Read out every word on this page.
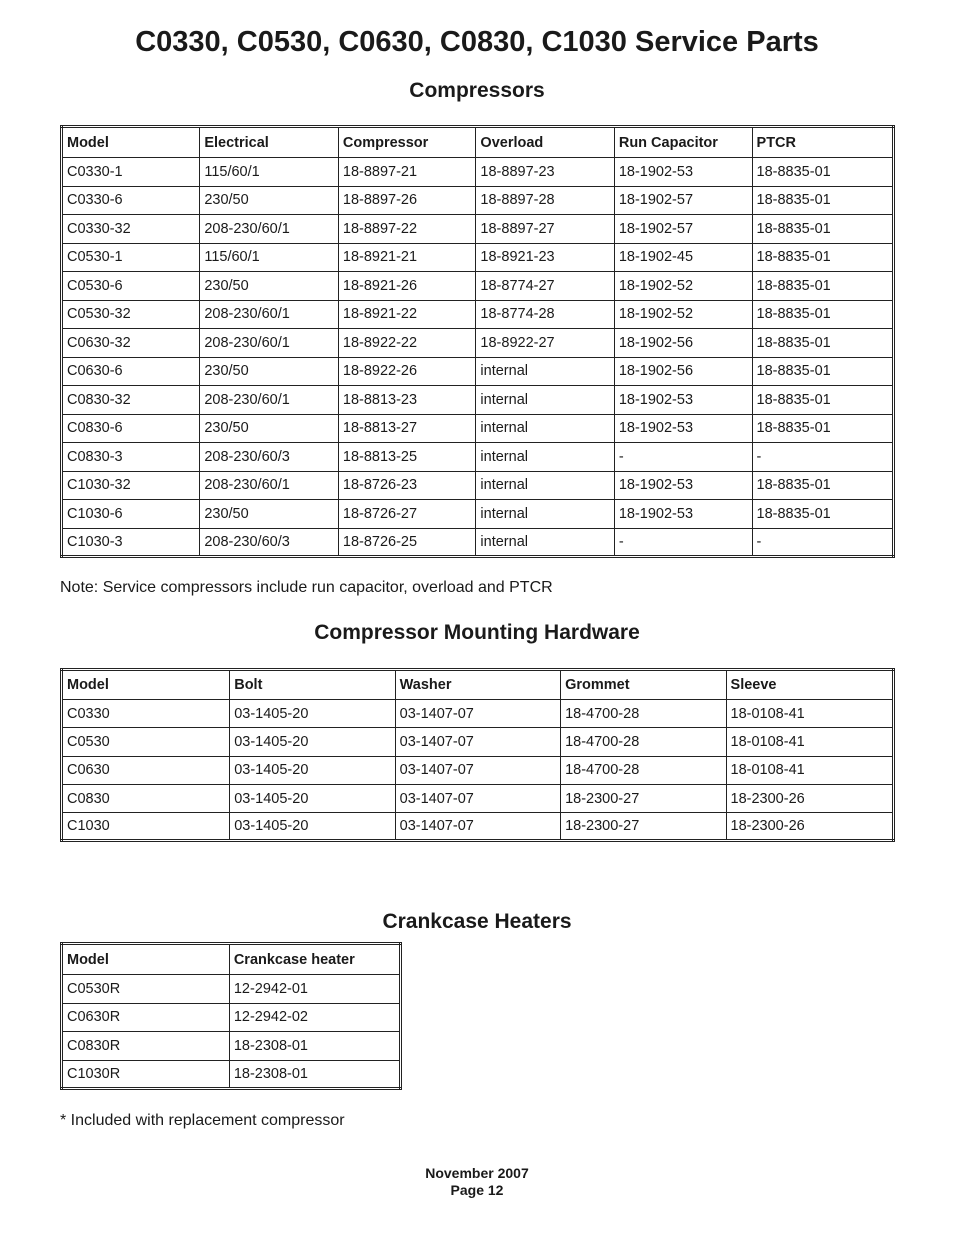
C0330, C0530, C0630, C0830, C1030 Service Parts
Compressors
Model	Electrical	Compressor	Overload	Run Capacitor	PTCR
C0330-1	115/60/1	18-8897-21	18-8897-23	18-1902-53	18-8835-01
C0330-6	230/50	18-8897-26	18-8897-28	18-1902-57	18-8835-01
C0330-32	208-230/60/1	18-8897-22	18-8897-27	18-1902-57	18-8835-01
C0530-1	115/60/1	18-8921-21	18-8921-23	18-1902-45	18-8835-01
C0530-6	230/50	18-8921-26	18-8774-27	18-1902-52	18-8835-01
C0530-32	208-230/60/1	18-8921-22	18-8774-28	18-1902-52	18-8835-01
C0630-32	208-230/60/1	18-8922-22	18-8922-27	18-1902-56	18-8835-01
C0630-6	230/50	18-8922-26	internal	18-1902-56	18-8835-01
C0830-32	208-230/60/1	18-8813-23	internal	18-1902-53	18-8835-01
C0830-6	230/50	18-8813-27	internal	18-1902-53	18-8835-01
C0830-3	208-230/60/3	18-8813-25	internal	-	-
C1030-32	208-230/60/1	18-8726-23	internal	18-1902-53	18-8835-01
C1030-6	230/50	18-8726-27	internal	18-1902-53	18-8835-01
C1030-3	208-230/60/3	18-8726-25	internal	-	-

Note: Service compressors include run capacitor, overload and PTCR

Compressor Mounting Hardware
Model	Bolt	Washer	Grommet	Sleeve
C0330	03-1405-20	03-1407-07	18-4700-28	18-0108-41
C0530	03-1405-20	03-1407-07	18-4700-28	18-0108-41
C0630	03-1405-20	03-1407-07	18-4700-28	18-0108-41
C0830	03-1405-20	03-1407-07	18-2300-27	18-2300-26
C1030	03-1405-20	03-1407-07	18-2300-27	18-2300-26
Crankcase Heaters
Model	Crankcase heater
C0530R	12-2942-01
C0630R	12-2942-02
C0830R	18-2308-01
C1030R	18-2308-01

* Included with replacement compressor

November 2007
Page 12
